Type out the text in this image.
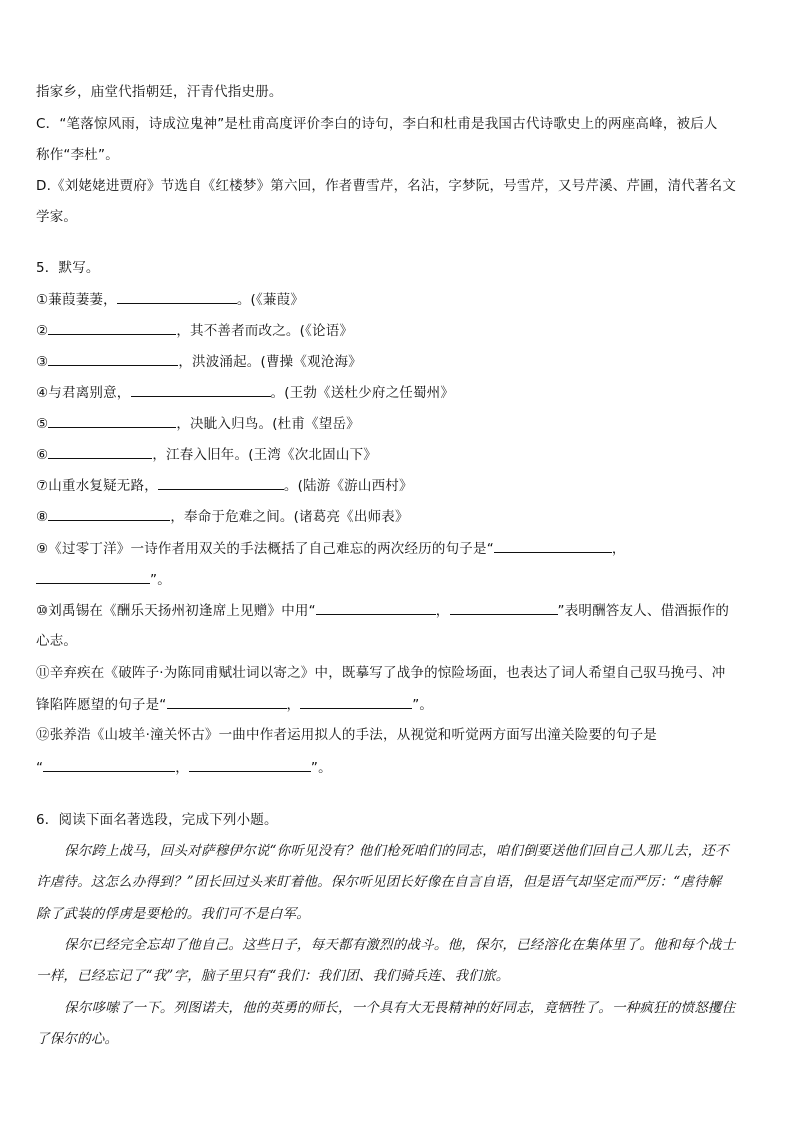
指家乡，庙堂代指朝廷，汗青代指史册。
C．“笔落惊风雨，诗成泣鬼神”是杜甫高度评价李白的诗句，李白和杜甫是我国古代诗歌史上的两座高峰，被后人
称作“李杜”。
D.《刘姥姥进贾府》节选自《红楼梦》第六回，作者曹雪芹，名沾，字梦阮，号雪芹，又号芹溪、芹圃，清代著名文
学家。
5．默写。
①蒹葭萋萋，	。(《蒹葭》
②	，其不善者而改之。(《论语》
③	，洪波涌起。(曹操《观沧海》
④与君离别意，	。(王勃《送杜少府之任蜀州》
⑤	，决眦入归鸟。(杜甫《望岳》
⑥	，江春入旧年。(王湾《次北固山下》
⑦山重水复疑无路，	。(陆游《游山西村》
⑧	，奉命于危难之间。(诸葛亮《出师表》
⑨《过零丁洋》一诗作者用双关的手法概括了自己难忘的两次经历的句子是“	，
”。
⑩刘禹锡在《酬乐天扬州初逢席上见赠》中用“	，	”表明酬答友人、借酒振作的
心志。
⑪辛弃疾在《破阵子·为陈同甫赋壮词以寄之》中，既摹写了战争的惊险场面，也表达了词人希望自己驭马挽弓、冲
锋陷阵愿望的句子是“	，	”。
⑫张养浩《山坡羊·潼关怀古》一曲中作者运用拟人的手法，从视觉和听觉两方面写出潼关险要的句子是
“	，	”。
6．阅读下面名著选段，完成下列小题。
保尔跨上战马，回头对萨穆伊尔说“你听见没有？他们枪死咱们的同志，咱们倒要送他们回自己人那儿去，还不
许虐待。这怎么办得到？”团长回过头来盯着他。保尔听见团长好像在自言自语，但是语气却坚定而严厉：“虐待解
除了武装的俘虏是要枪的。我们可不是白军。
保尔已经完全忘却了他自己。这些日子，每天都有激烈的战斗。他，保尔，已经溶化在集体里了。他和每个战士
一样，已经忘记了“我”字，脑子里只有“我们：我们团、我们骑兵连、我们旅。
保尔哆嗦了一下。列图诺夫，他的英勇的师长，一个具有大无畏精神的好同志，竟牺牲了。一种疯狂的愤怒攫住
了保尔的心。
